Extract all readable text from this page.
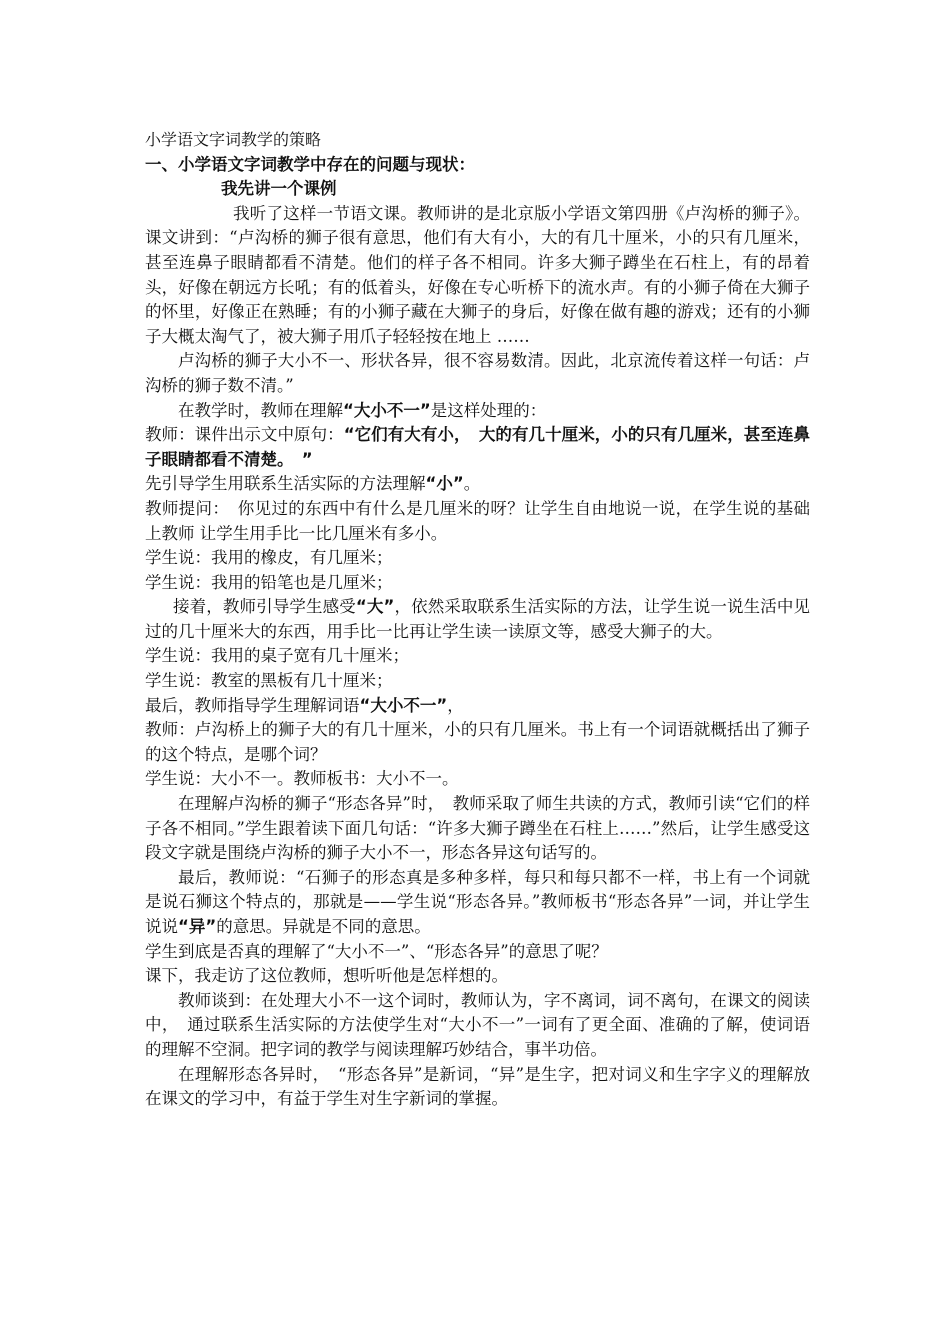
小学语文字词教学的策略

一、小学语文字词教学中存在的问题与现状：

我先讲一个课例

我听了这样一节语文课。教师讲的是北京版小学语文第四册《卢沟桥的狮子》。课文讲到：“卢沟桥的狮子很有意思，他们有大有小，大的有几十厘米，小的只有几厘米，甚至连鼻子眼睛都看不清楚。他们的样子各不相同。许多大狮子蹲坐在石柱上，有的昂着头，好像在朝远方长吼；有的低着头，好像在专心听桥下的流水声。有的小狮子倚在大狮子的怀里，好像正在熟睡；有的小狮子藏在大狮子的身后，好像在做有趣的游戏；还有的小狮子大概太淘气了，被大狮子用爪子轻轻按在地上 ……

卢沟桥的狮子大小不一、形状各异，很不容易数清。因此，北京流传着这样一句话：卢沟桥的狮子数不清。”

在教学时，教师在理解“大小不一”是这样处理的：

教师：课件出示文中原句：“它们有大有小，　大的有几十厘米，小的只有几厘米，甚至连鼻子眼睛都看不清楚。　”

先引导学生用联系生活实际的方法理解“小”。

教师提问：　你见过的东西中有什么是几厘米的呀？让学生自由地说一说，在学生说的基础上教师 让学生用手比一比几厘米有多小。

学生说：我用的橡皮，有几厘米；

学生说：我用的铅笔也是几厘米；

接着，教师引导学生感受“大”，依然采取联系生活实际的方法，让学生说一说生活中见过的几十厘米大的东西，用手比一比再让学生读一读原文等，感受大狮子的大。

学生说：我用的桌子宽有几十厘米；

学生说：教室的黑板有几十厘米；

最后，教师指导学生理解词语“大小不一”，

教师：卢沟桥上的狮子大的有几十厘米，小的只有几厘米。书上有一个词语就概括出了狮子的这个特点，是哪个词？

学生说：大小不一。教师板书：大小不一。

在理解卢沟桥的狮子“形态各异”时，　教师采取了师生共读的方式，教师引读“它们的样子各不相同。”学生跟着读下面几句话：“许多大狮子蹲坐在石柱上……”然后，让学生感受这段文字就是围绕卢沟桥的狮子大小不一，形态各异这句话写的。

最后，教师说：“石狮子的形态真是多种多样，每只和每只都不一样，书上有一个词就是说石狮这个特点的，那就是——学生说“形态各异。”教师板书“形态各异”一词，并让学生说说“异”的意思。异就是不同的意思。

学生到底是否真的理解了“大小不一”、“形态各异”的意思了呢？

课下，我走访了这位教师，想听听他是怎样想的。

教师谈到：在处理大小不一这个词时，教师认为，字不离词，词不离句，在课文的阅读中，　通过联系生活实际的方法使学生对“大小不一”一词有了更全面、准确的了解，使词语的理解不空洞。把字词的教学与阅读理解巧妙结合，事半功倍。

在理解形态各异时，　“形态各异”是新词，“异”是生字，把对词义和生字字义的理解放在课文的学习中，有益于学生对生字新词的掌握。
